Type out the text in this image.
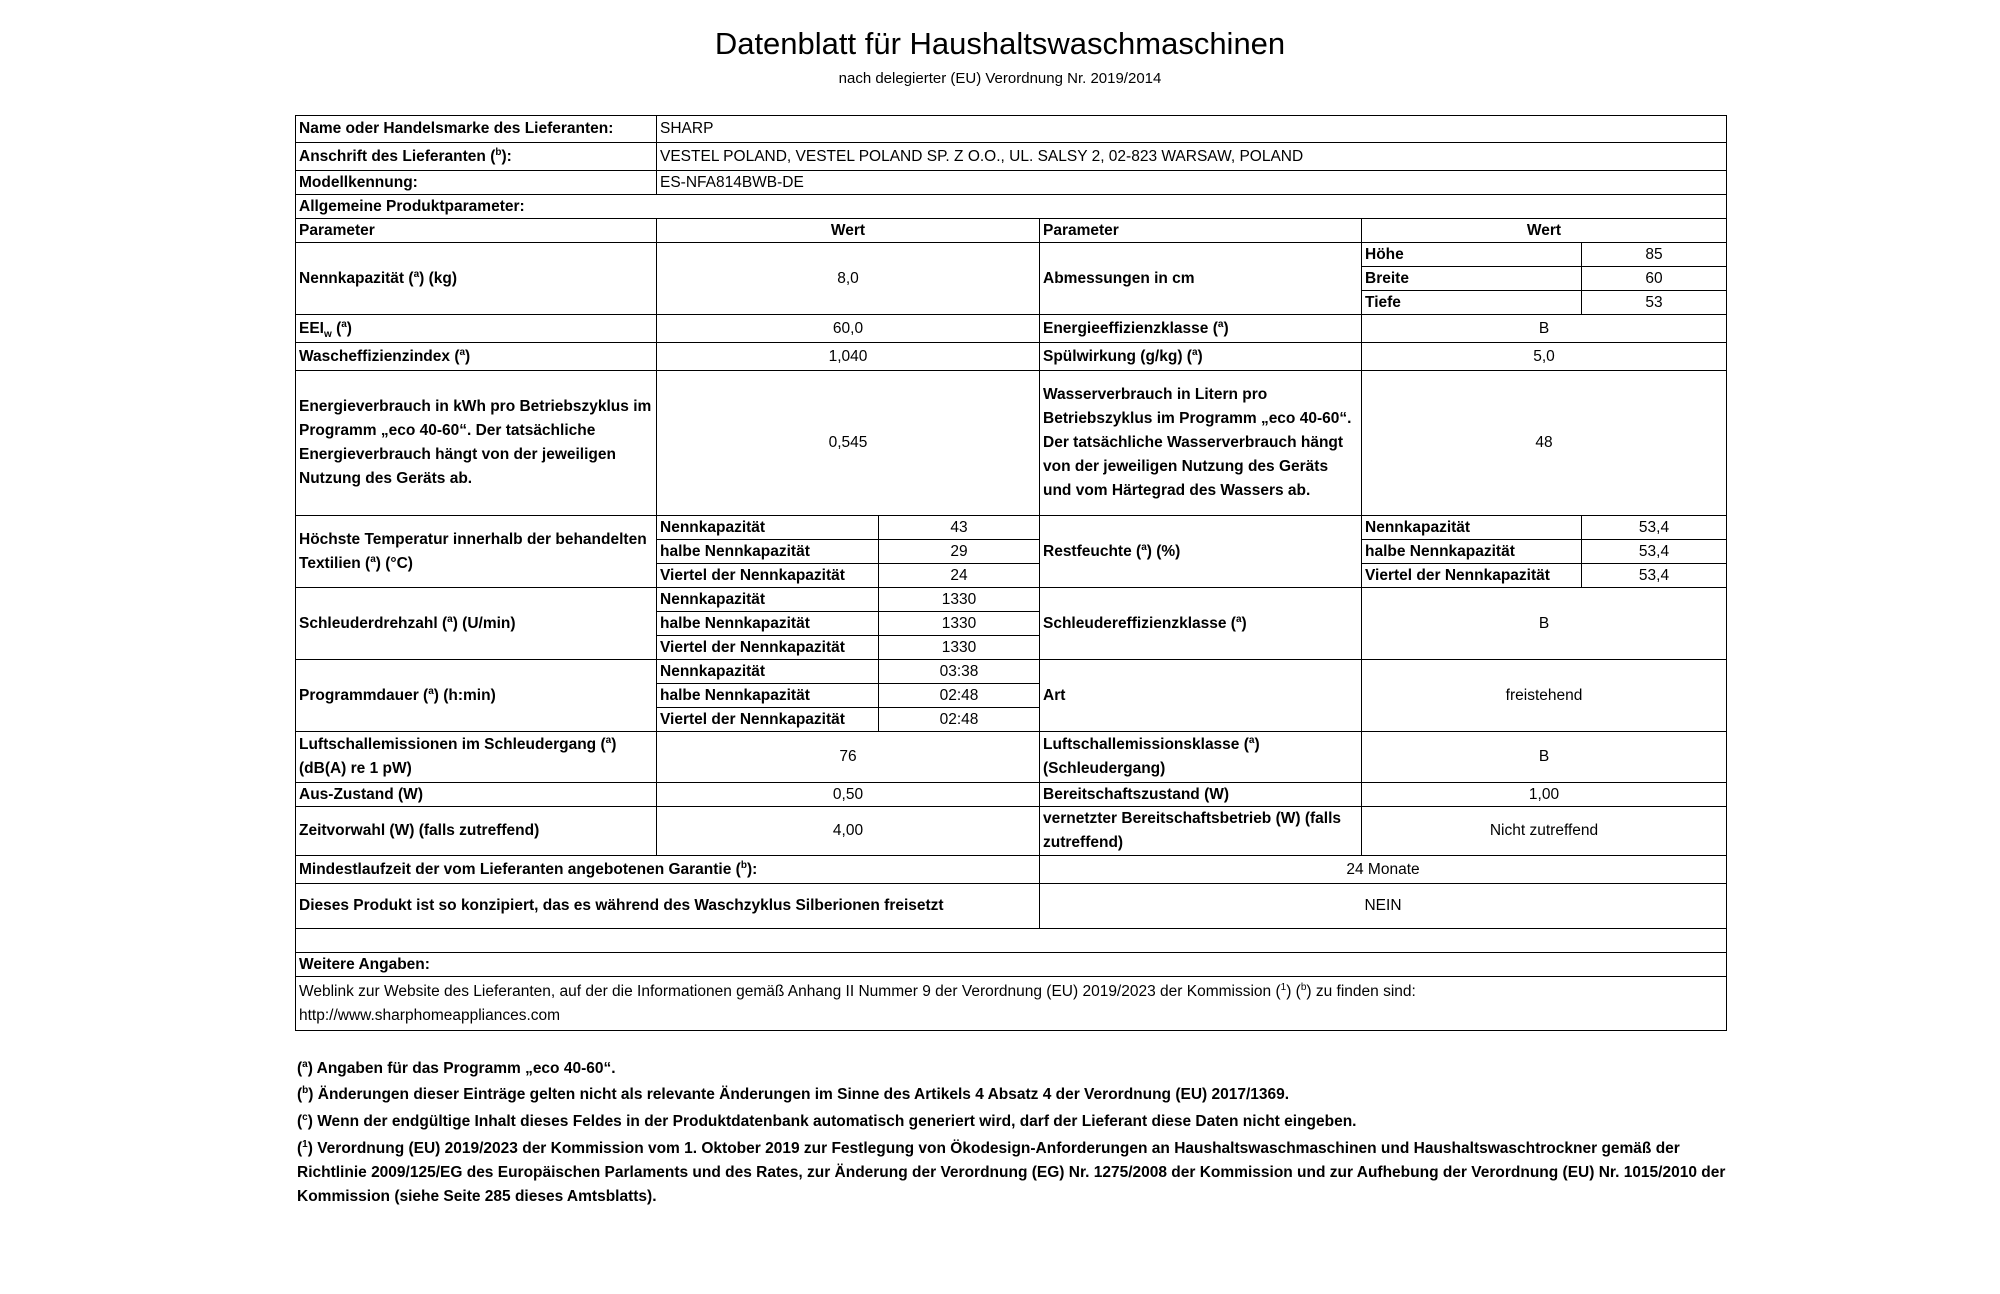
Datenblatt für Haushaltswaschmaschinen
nach delegierter (EU) Verordnung Nr. 2019/2014
Name oder Handelsmarke des Lieferanten:	SHARP				
Anschrift des Lieferanten ($^b$):	VESTEL POLAND, VESTEL POLAND SP. Z O.O., UL. SALSY 2, 02-823 WARSAW, POLAND				
Modellkennung:	ES-NFA814BWB-DE				
Allgemeine Produktparameter:					
Parameter	Wert		Parameter	Wert	
Nennkapazität ($^a$) (kg)	8,0		Abmessungen in cm	Höhe	85
				Breite	60
				Tiefe	53
$EEI_w$ ($^a$)	60,0		Energieeffizienzklasse ($^a$)	B	
Wascheffizienzindex ($^a$)	1,040		Spülwirkung (g/kg) ($^a$)	5,0	
Energieverbrauch in kWh pro Betriebszyklus im Programm „eco 40-60“. Der tatsächliche Energieverbrauch hängt von der jeweiligen Nutzung des Geräts ab.	0,545		Wasserverbrauch in Litern pro Betriebszyklus im Programm „eco 40-60“. Der tatsächliche Wasserverbrauch hängt von der jeweiligen Nutzung des Geräts und vom Härtegrad des Wassers ab.	48	
Höchste Temperatur innerhalb der behandelten Textilien ($^a$) (°C)	Nennkapazität	43	Restfeuchte ($^a$) (%)	Nennkapazität	53,4
	halbe Nennkapazität	29		halbe Nennkapazität	53,4
	Viertel der Nennkapazität	24		Viertel der Nennkapazität	53,4
Schleuderdrehzahl ($^a$) (U/min)	Nennkapazität	1330	Schleudereffizienzklasse ($^a$)	B	
	halbe Nennkapazität	1330			
	Viertel der Nennkapazität	1330			
Programmdauer ($^a$) (h:min)	Nennkapazität	03:38	Art	freistehend	
	halbe Nennkapazität	02:48			
	Viertel der Nennkapazität	02:48			
Luftschallemissionen im Schleudergang ($^a$) (dB(A) re 1 pW)	76		Luftschallemissionsklasse ($^a$) (Schleudergang)	B	
Aus-Zustand (W)	0,50		Bereitschaftszustand (W)	1,00	
Zeitvorwahl (W) (falls zutreffend)	4,00		vernetzter Bereitschaftsbetrieb (W) (falls zutreffend)	Nicht zutreffend	
Mindestlaufzeit der vom Lieferanten angebotenen Garantie ($^b$):			24 Monate		
Dieses Produkt ist so konzipiert, das es während des Waschzyklus Silberionen freisetzt			NEIN		

Weitere Angaben:					
Weblink zur Website des Lieferanten, auf der die Informationen gemäß Anhang II Nummer 9 der Verordnung (EU) 2019/2023 der Kommission ($^1$) ($^b$) zu finden sind:
http://www.sharphomeappliances.com					
($^a$) Angaben für das Programm „eco 40-60“.
($^b$) Änderungen dieser Einträge gelten nicht als relevante Änderungen im Sinne des Artikels 4 Absatz 4 der Verordnung (EU) 2017/1369.
($^c$) Wenn der endgültige Inhalt dieses Feldes in der Produktdatenbank automatisch generiert wird, darf der Lieferant diese Daten nicht eingeben.
($^1$) Verordnung (EU) 2019/2023 der Kommission vom 1. Oktober 2019 zur Festlegung von Ökodesign-Anforderungen an Haushaltswaschmaschinen und Haushaltswaschtrockner gemäß der Richtlinie 2009/125/EG des Europäischen Parlaments und des Rates, zur Änderung der Verordnung (EG) Nr. 1275/2008 der Kommission und zur Aufhebung der Verordnung (EU) Nr. 1015/2010 der Kommission (siehe Seite 285 dieses Amtsblatts).
